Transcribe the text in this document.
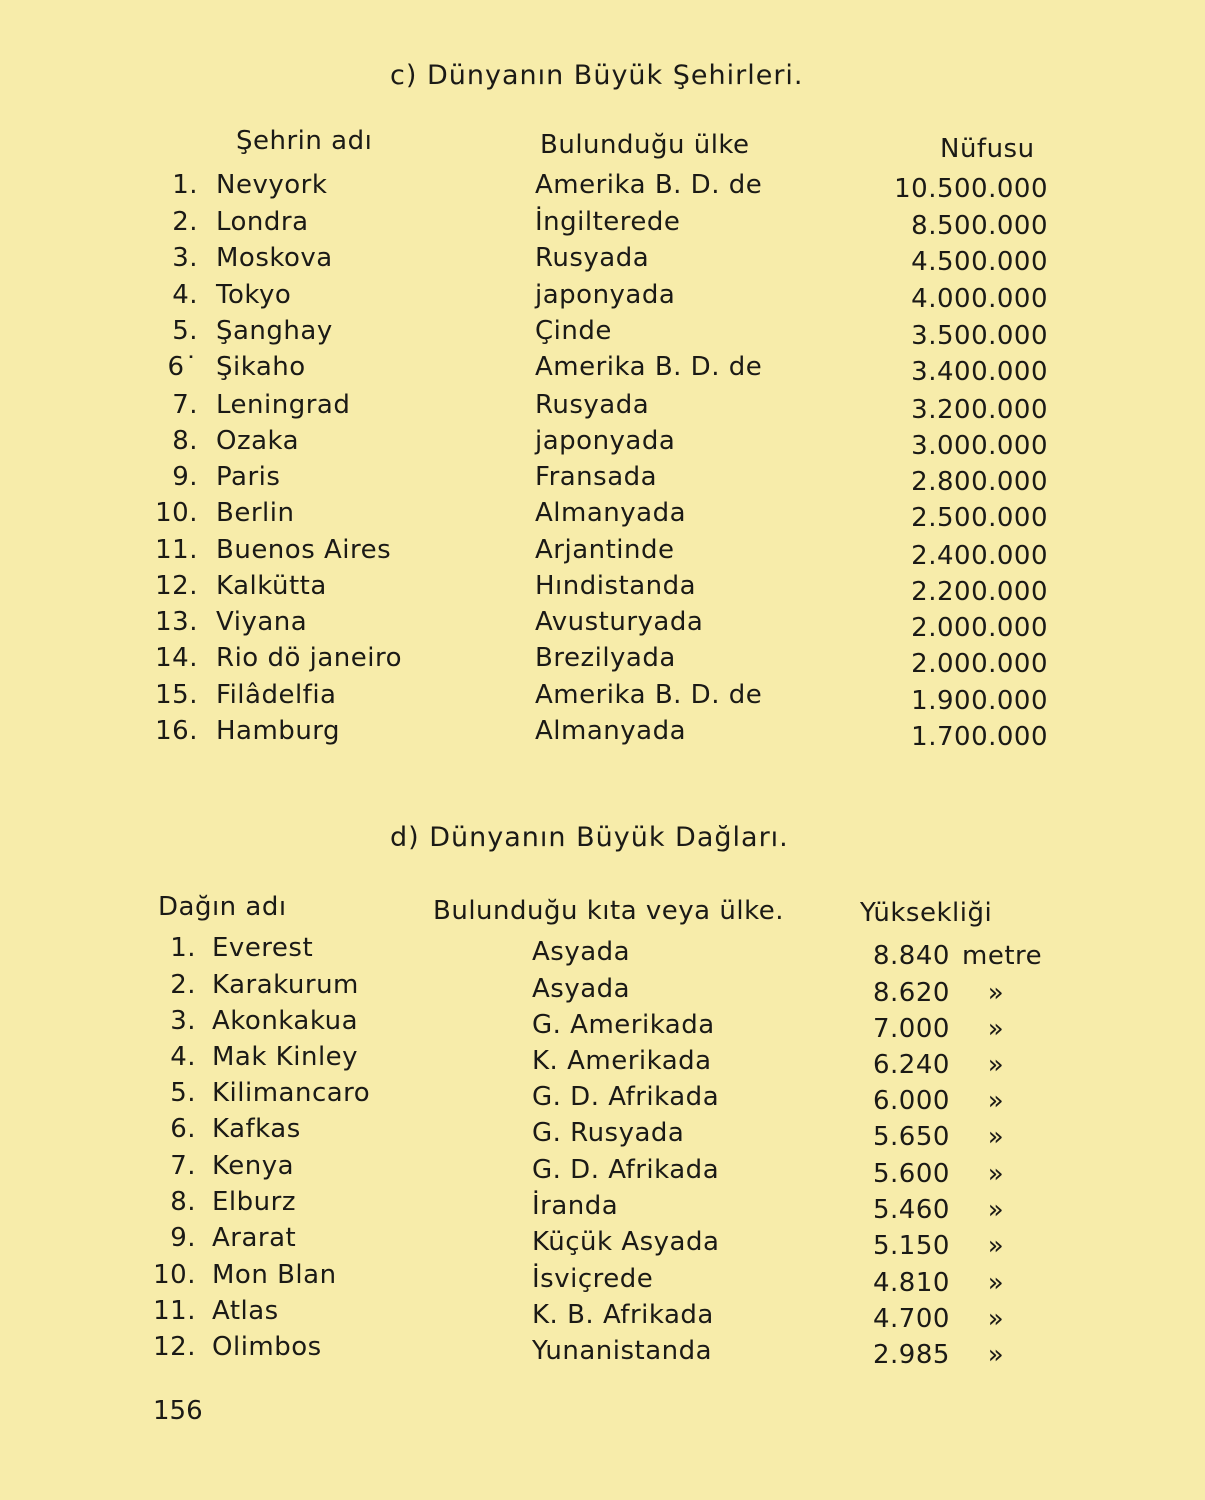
c) Dünyanın Büyük Şehirleri.
Şehrin adı	Bulunduğu ülke	Nüfusu
d) Dünyanın Büyük Dağları.
Dağın adı	Bulunduğu kıta veya ülke.	Yüksekliği
156
1. Nevyork	Amerika B. D. de	10.500.000
2. Londra	İngilterede	8.500.000
3. Moskova	Rusyada	4.500.000
4. Tokyo	japonyada	4.000.000
5. Şanghay	Çinde	3.500.000
6˙ Şikaho	Amerika B. D. de	3.400.000
7. Leningrad	Rusyada	3.200.000
8. Ozaka	japonyada	3.000.000
9. Paris	Fransada	2.800.000
10. Berlin	Almanyada	2.500.000
11. Buenos Aires	Arjantinde	2.400.000
12. Kalkütta	Hındistanda	2.200.000
13. Viyana	Avusturyada	2.000.000
14. Rio dö janeiro	Brezilyada	2.000.000
15. Filâdelfia	Amerika B. D. de	1.900.000
16. Hamburg	Almanyada	1.700.000
1. Everest	Asyada	8.840 metre
2. Karakurum	Asyada	8.620	»
3. Akonkakua	G. Amerikada	7.000	»
4. Mak Kinley	K. Amerikada	6.240	»
5. Kilimancaro	G. D. Afrikada	6.000	»
6. Kafkas	G. Rusyada	5.650	»
7. Kenya	G. D. Afrikada	5.600	»
8. Elburz	İranda	5.460	»
9. Ararat	Küçük Asyada	5.150	»
10. Mon Blan	İsviçrede	4.810	»
11. Atlas	K. B. Afrikada	4.700	»
12. Olimbos	Yunanistanda	2.985	»
